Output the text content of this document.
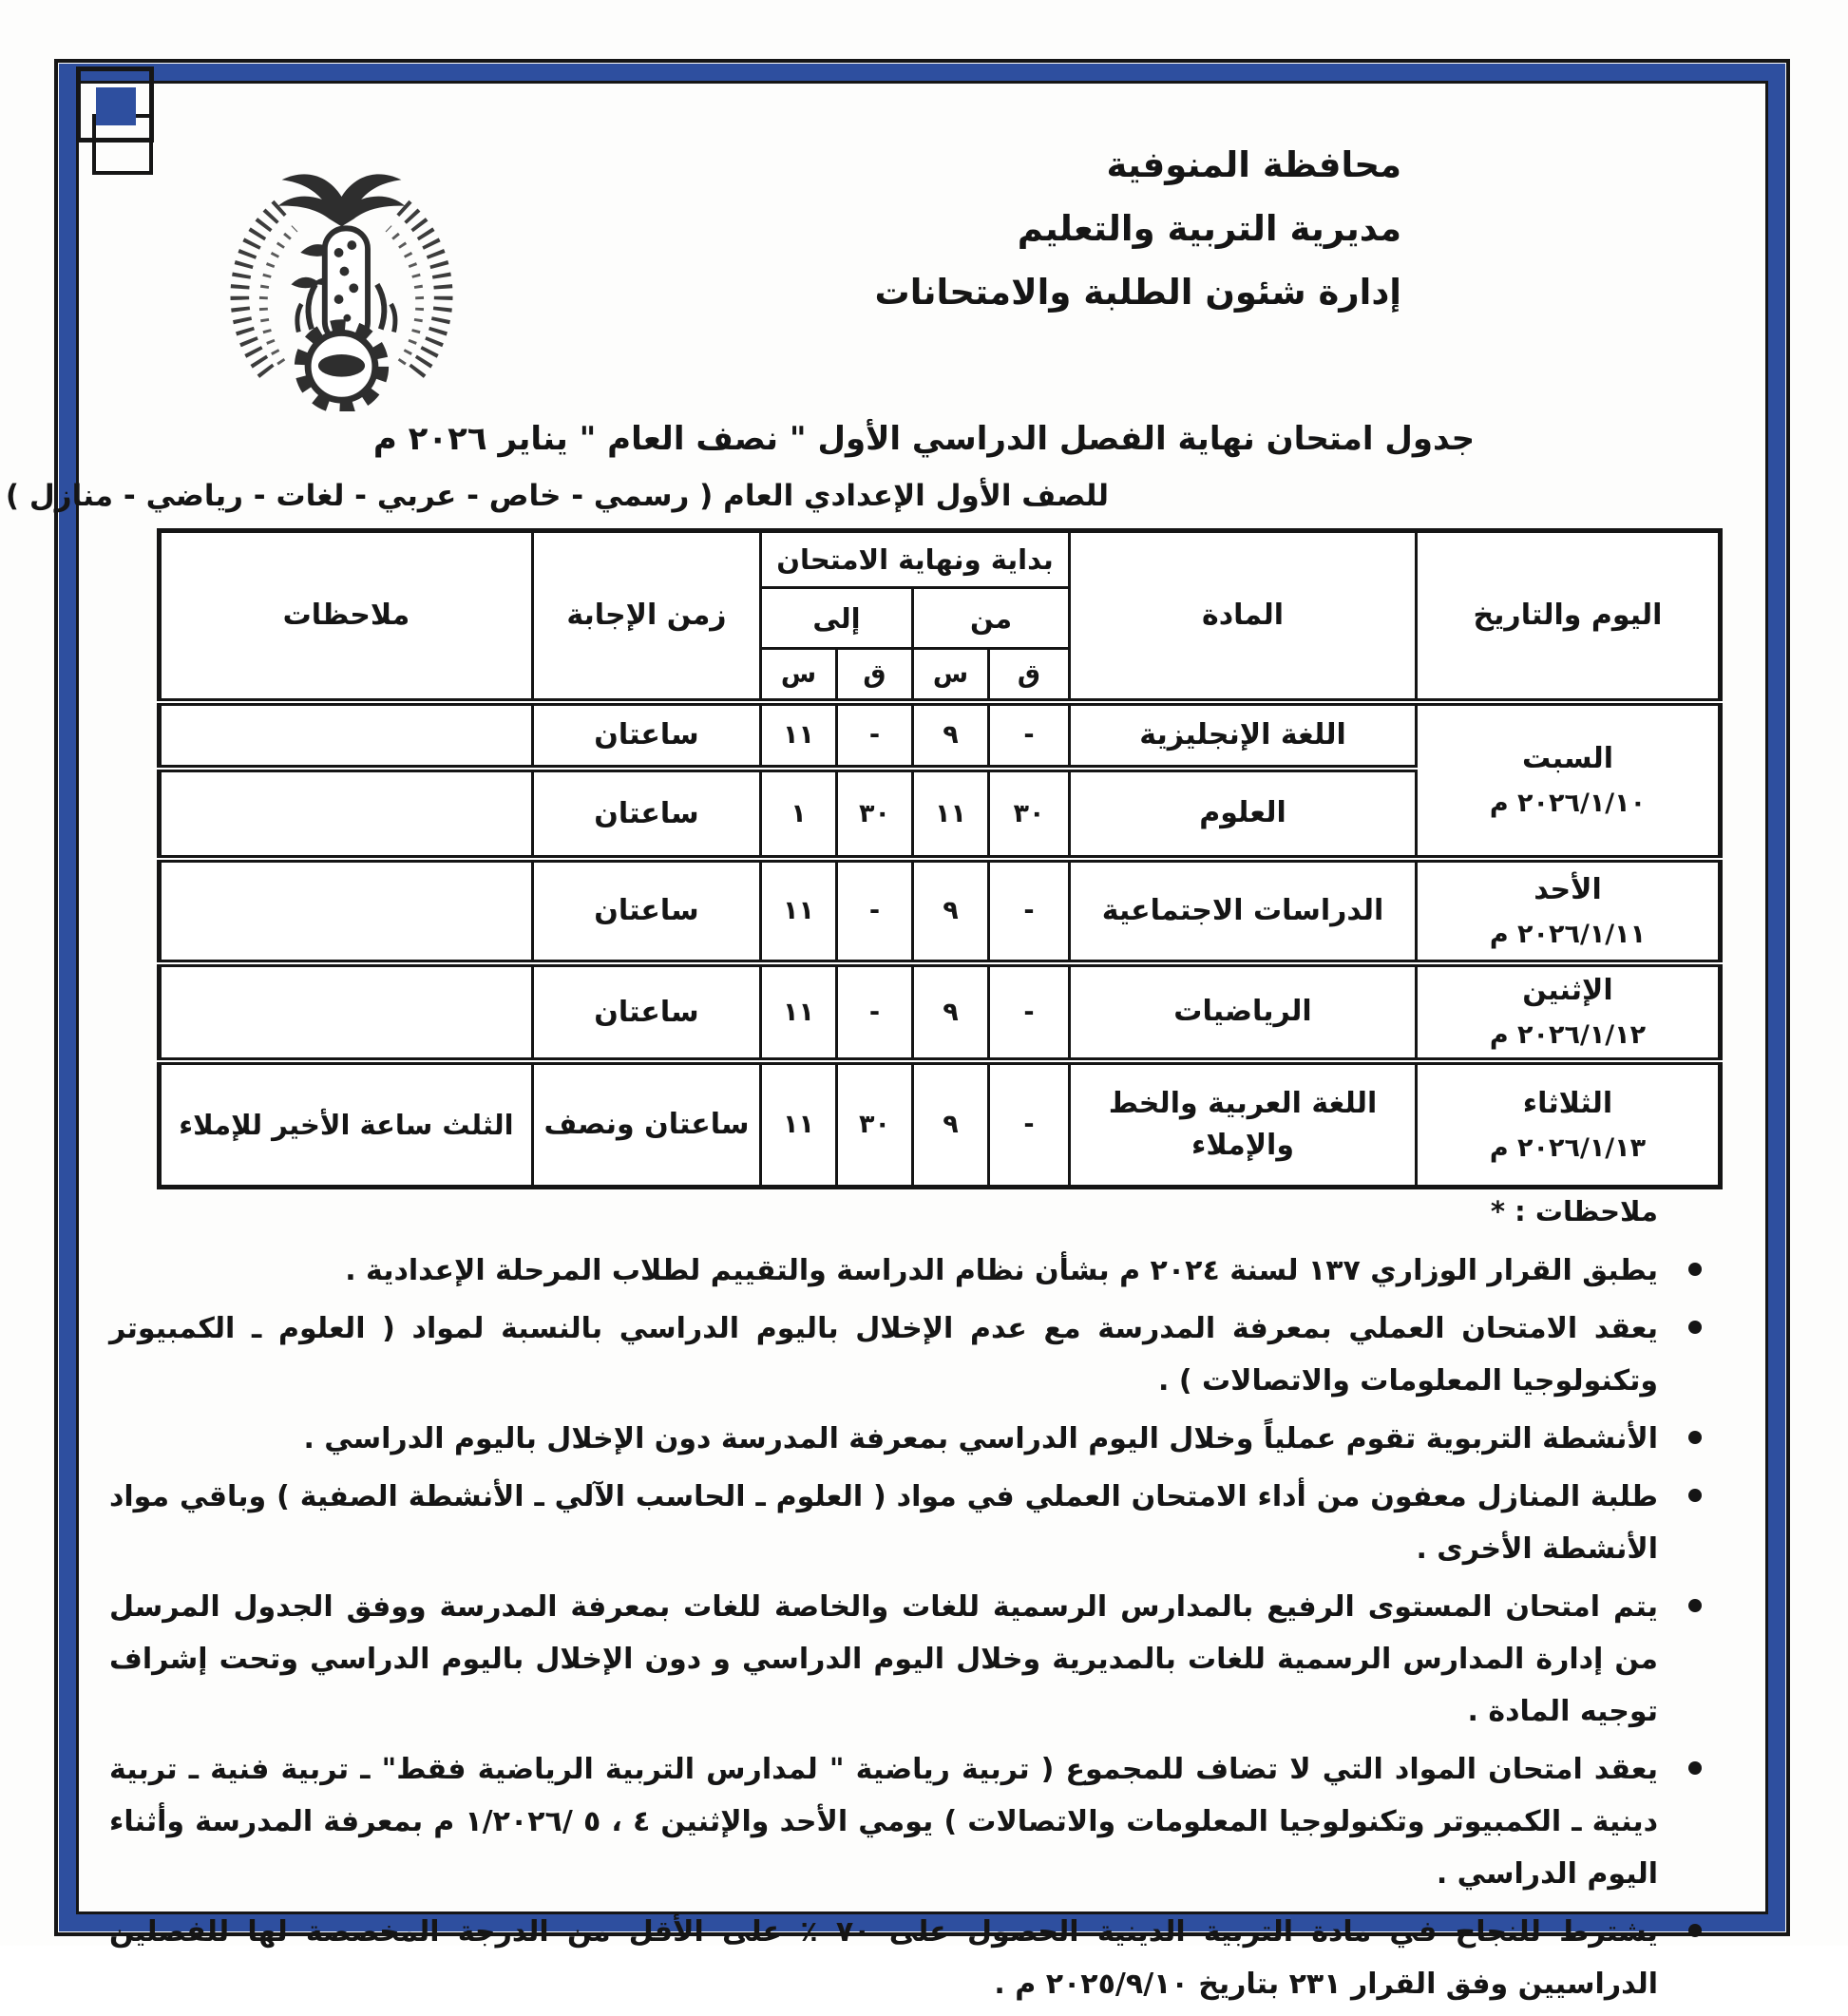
محافظة المنوفية
مديرية التربية والتعليم
إدارة شئون الطلبة والامتحانات
جدول امتحان نهاية الفصل الدراسي الأول " نصف العام " يناير ٢٠٢٦ م
للصف الأول الإعدادي العام ( رسمي - خاص - عربي - لغات - رياضي - منازل )
اليوم والتاريخ	المادة	بداية ونهاية الامتحان				زمن الإجابة	ملاحظات
		من		إلى			
		ق	س	ق	س		

السبت
٢٠٢٦/١/١٠ م	اللغة الإنجليزية	-	٩	-	١١	ساعتان	
	العلوم	٣٠	١١	٣٠	١	ساعتان	

الأحد
٢٠٢٦/١/١١ م	الدراسات الاجتماعية	-	٩	-	١١	ساعتان	

الإثنين
٢٠٢٦/١/١٢ م	الرياضيات	-	٩	-	١١	ساعتان	

الثلاثاء
٢٠٢٦/١/١٣ م	اللغة العربية والخط والإملاء	-	٩	٣٠	١١	ساعتان ونصف	الثلث ساعة الأخير للإملاء
ملاحظات : *
يطبق القرار الوزاري ١٣٧ لسنة ٢٠٢٤ م بشأن نظام الدراسة والتقييم لطلاب المرحلة الإعدادية .
يعقد الامتحان العملي بمعرفة المدرسة مع عدم الإخلال باليوم الدراسي بالنسبة لمواد ( العلوم ـ الكمبيوتر وتكنولوجيا المعلومات والاتصالات ) .
الأنشطة التربوية تقوم عملياً وخلال اليوم الدراسي بمعرفة المدرسة دون الإخلال باليوم الدراسي .
طلبة المنازل معفون من أداء الامتحان العملي في مواد ( العلوم ـ الحاسب الآلي ـ الأنشطة الصفية ) وباقي مواد الأنشطة الأخرى .
يتم امتحان المستوى الرفيع بالمدارس الرسمية للغات والخاصة للغات بمعرفة المدرسة ووفق الجدول المرسل من إدارة المدارس الرسمية للغات بالمديرية وخلال اليوم الدراسي و دون الإخلال باليوم الدراسي وتحت إشراف توجيه المادة .
يعقد امتحان المواد التي لا تضاف للمجموع ( تربية رياضية " لمدارس التربية الرياضية فقط" ـ تربية فنية ـ تربية دينية ـ الكمبيوتر وتكنولوجيا المعلومات والاتصالات ) يومي الأحد والإثنين ٤ ، ٥ /١/٢٠٢٦ م بمعرفة المدرسة وأثناء اليوم الدراسي .
يشترط للنجاح في مادة التربية الدينية الحصول على ٧٠ ٪ على الأقل من الدرجة المخصصة لها للفصلين الدراسيين وفق القرار ٢٣١ بتاريخ ٢٠٢٥/٩/١٠ م .
